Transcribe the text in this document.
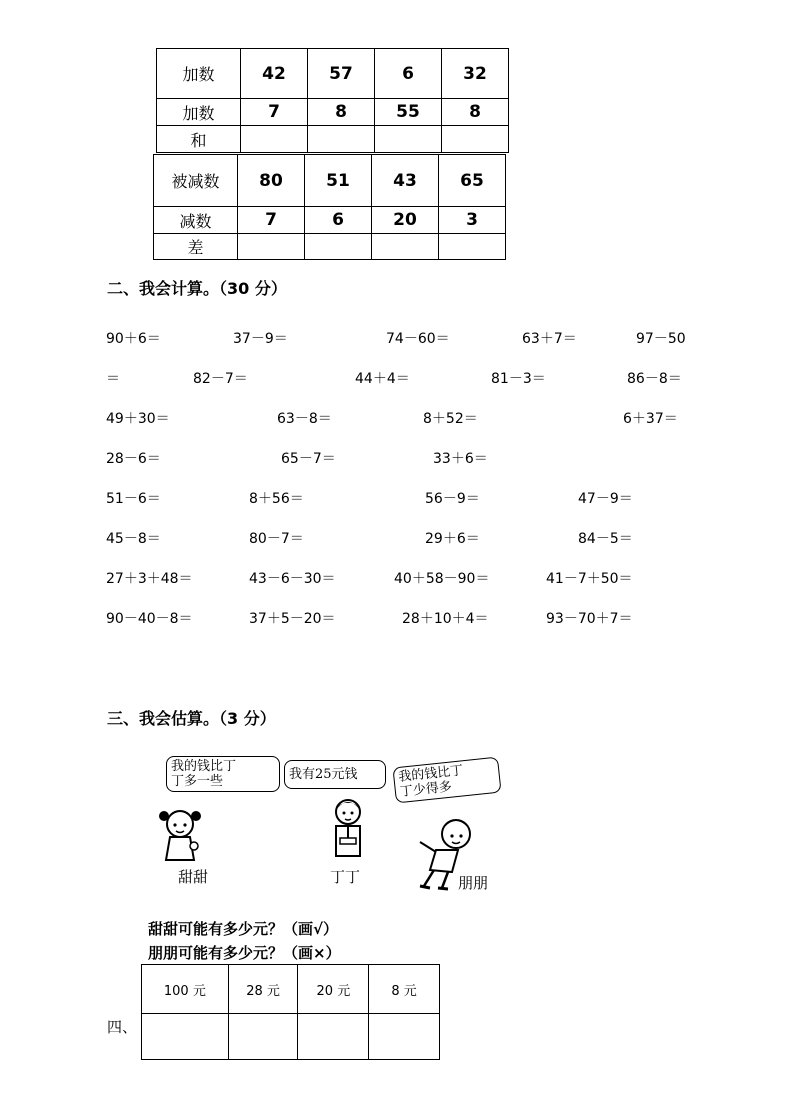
加数	42	57	6	32
加数	7	8	55	8
和				
被减数	80	51	43	65
减数	7	6	20	3
差				
二、我会计算。（30 分）
90＋6＝	37－9＝	74－60＝	63＋7＝	97－50
＝	82－7＝	44＋4＝	81－3＝	86－8＝
49＋30＝	63－8＝	8＋52＝	6＋37＝
28－6＝	65－7＝	33＋6＝
51－6＝	8＋56＝	56－9＝	47－9＝
45－8＝	80－7＝	29＋6＝	84－5＝
27＋3＋48＝	43－6－30＝	40＋58－90＝	41－7＋50＝
90－40－8＝	37＋5－20＝	28＋10＋4＝	93－70＋7＝
三、我会估算。（3 分）
我的钱比丁
丁多一些	我有25元钱	我的钱比丁
丁少得多
甜甜	丁丁	朋朋
甜甜可能有多少元？（画√）
朋朋可能有多少元？（画×）
100 元	28 元	20 元	8 元

四、
